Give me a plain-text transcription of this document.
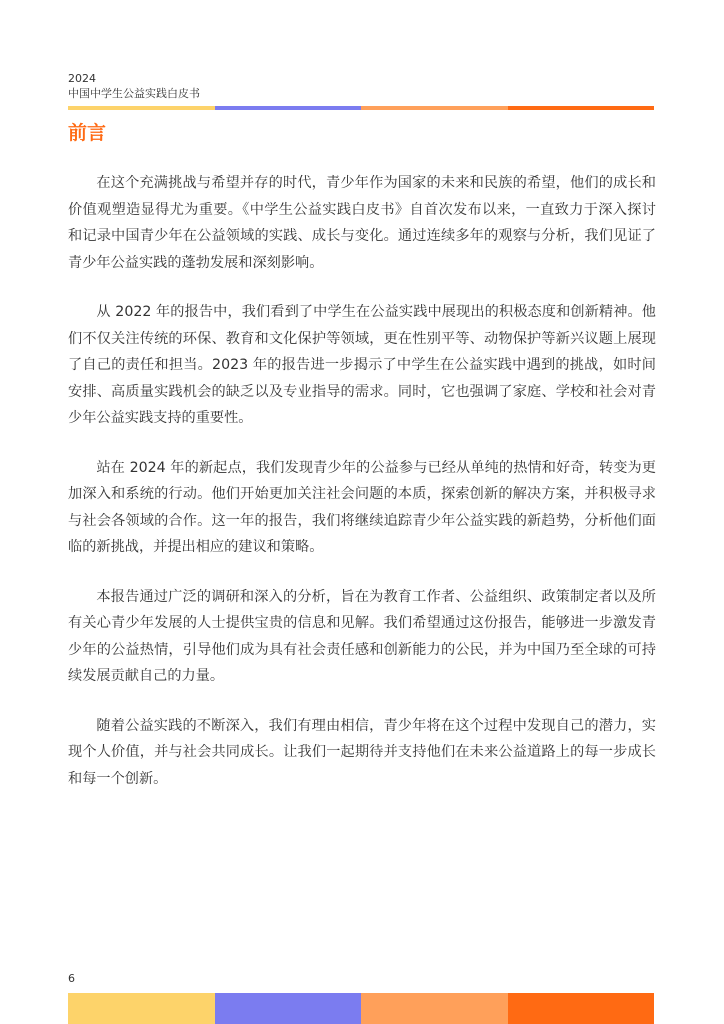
2024
中国中学生公益实践白皮书
前言

在这个充满挑战与希望并存的时代，青少年作为国家的未来和民族的希望，他们的成长和价值观塑造显得尤为重要。《中学生公益实践白皮书》自首次发布以来，一直致力于深入探讨和记录中国青少年在公益领域的实践、成长与变化。通过连续多年的观察与分析，我们见证了青少年公益实践的蓬勃发展和深刻影响。

从 2022 年的报告中，我们看到了中学生在公益实践中展现出的积极态度和创新精神。他们不仅关注传统的环保、教育和文化保护等领域，更在性别平等、动物保护等新兴议题上展现了自己的责任和担当。2023 年的报告进一步揭示了中学生在公益实践中遇到的挑战，如时间安排、高质量实践机会的缺乏以及专业指导的需求。同时，它也强调了家庭、学校和社会对青少年公益实践支持的重要性。

站在 2024 年的新起点，我们发现青少年的公益参与已经从单纯的热情和好奇，转变为更加深入和系统的行动。他们开始更加关注社会问题的本质，探索创新的解决方案，并积极寻求与社会各领域的合作。这一年的报告，我们将继续追踪青少年公益实践的新趋势，分析他们面临的新挑战，并提出相应的建议和策略。

本报告通过广泛的调研和深入的分析，旨在为教育工作者、公益组织、政策制定者以及所有关心青少年发展的人士提供宝贵的信息和见解。我们希望通过这份报告，能够进一步激发青少年的公益热情，引导他们成为具有社会责任感和创新能力的公民，并为中国乃至全球的可持续发展贡献自己的力量。

随着公益实践的不断深入，我们有理由相信，青少年将在这个过程中发现自己的潜力，实现个人价值，并与社会共同成长。让我们一起期待并支持他们在未来公益道路上的每一步成长和每一个创新。

6
